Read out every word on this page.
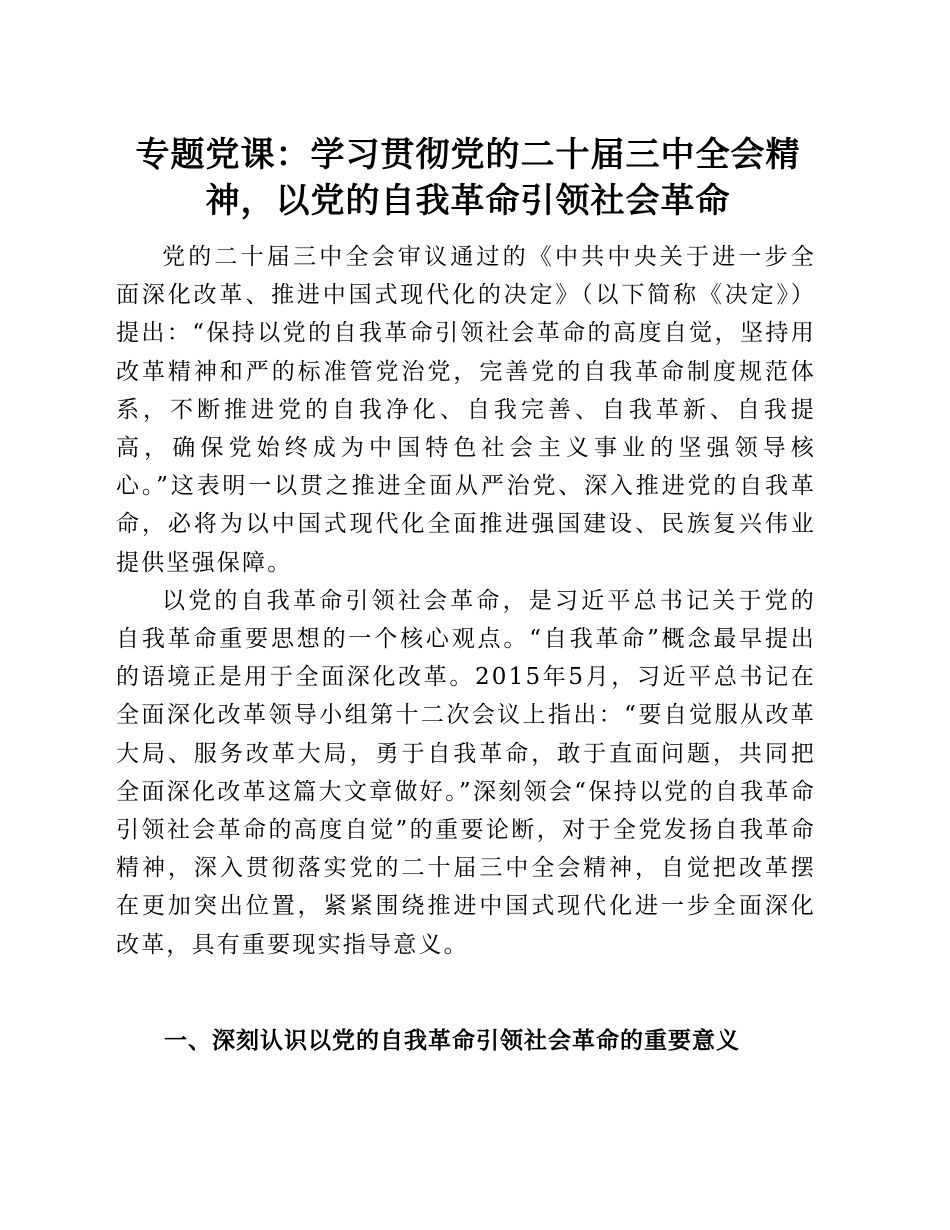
专题党课：学习贯彻党的二十届三中全会精
神，以党的自我革命引领社会革命

党的二十届三中全会审议通过的《中共中央关于进一步全面深化改革、推进中国式现代化的决定》（以下简称《决定》）提出：“保持以党的自我革命引领社会革命的高度自觉，坚持用改革精神和严的标准管党治党，完善党的自我革命制度规范体系，不断推进党的自我净化、自我完善、自我革新、自我提高，确保党始终成为中国特色社会主义事业的坚强领导核心。”这表明一以贯之推进全面从严治党、深入推进党的自我革命，必将为以中国式现代化全面推进强国建设、民族复兴伟业提供坚强保障。

以党的自我革命引领社会革命，是习近平总书记关于党的自我革命重要思想的一个核心观点。“自我革命”概念最早提出的语境正是用于全面深化改革。2015年5月，习近平总书记在全面深化改革领导小组第十二次会议上指出：“要自觉服从改革大局、服务改革大局，勇于自我革命，敢于直面问题，共同把全面深化改革这篇大文章做好。”深刻领会“保持以党的自我革命引领社会革命的高度自觉”的重要论断，对于全党发扬自我革命精神，深入贯彻落实党的二十届三中全会精神，自觉把改革摆在更加突出位置，紧紧围绕推进中国式现代化进一步全面深化改革，具有重要现实指导意义。

一、深刻认识以党的自我革命引领社会革命的重要意义
